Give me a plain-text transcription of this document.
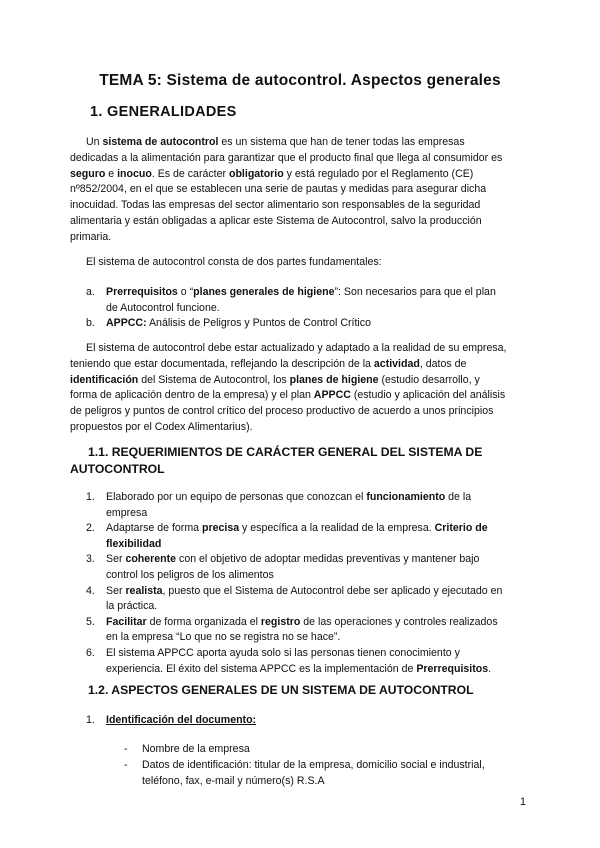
TEMA 5: Sistema de autocontrol. Aspectos generales
1. GENERALIDADES
Un sistema de autocontrol es un sistema que han de tener todas las empresas
dedicadas a la alimentación para garantizar que el producto final que llega al consumidor es
seguro e inocuo. Es de carácter obligatorio y está regulado por el Reglamento (CE)
nº852/2004, en el que se establecen una serie de pautas y medidas para asegurar dicha
inocuidad. Todas las empresas del sector alimentario son responsables de la seguridad
alimentaria y están obligadas a aplicar este Sistema de Autocontrol, salvo la producción
primaria.
El sistema de autocontrol consta de dos partes fundamentales:
a. Prerrequisitos o “planes generales de higiene”: Son necesarios para que el plan
de Autocontrol funcione.
b. APPCC: Análisis de Peligros y Puntos de Control Crítico
El sistema de autocontrol debe estar actualizado y adaptado a la realidad de su empresa,
teniendo que estar documentada, reflejando la descripción de la actividad, datos de
identificación del Sistema de Autocontrol, los planes de higiene (estudio desarrollo, y
forma de aplicación dentro de la empresa) y el plan APPCC (estudio y aplicación del análisis
de peligros y puntos de control crítico del proceso productivo de acuerdo a unos principios
propuestos por el Codex Alimentarius).
1.1. REQUERIMIENTOS DE CARÁCTER GENERAL DEL SISTEMA DE
AUTOCONTROL
1. Elaborado por un equipo de personas que conozcan el funcionamiento de la
empresa
2. Adaptarse de forma precisa y específica a la realidad de la empresa. Criterio de
flexibilidad
3. Ser coherente con el objetivo de adoptar medidas preventivas y mantener bajo
control los peligros de los alimentos
4. Ser realista, puesto que el Sistema de Autocontrol debe ser aplicado y ejecutado en
la práctica.
5. Facilitar de forma organizada el registro de las operaciones y controles realizados
en la empresa “Lo que no se registra no se hace”.
6. El sistema APPCC aporta ayuda solo si las personas tienen conocimiento y
experiencia. El éxito del sistema APPCC es la implementación de Prerrequisitos.
1.2. ASPECTOS GENERALES DE UN SISTEMA DE AUTOCONTROL
1. Identificación del documento:
- Nombre de la empresa
- Datos de identificación: titular de la empresa, domicilio social e industrial,
teléfono, fax, e-mail y número(s) R.S.A
1
